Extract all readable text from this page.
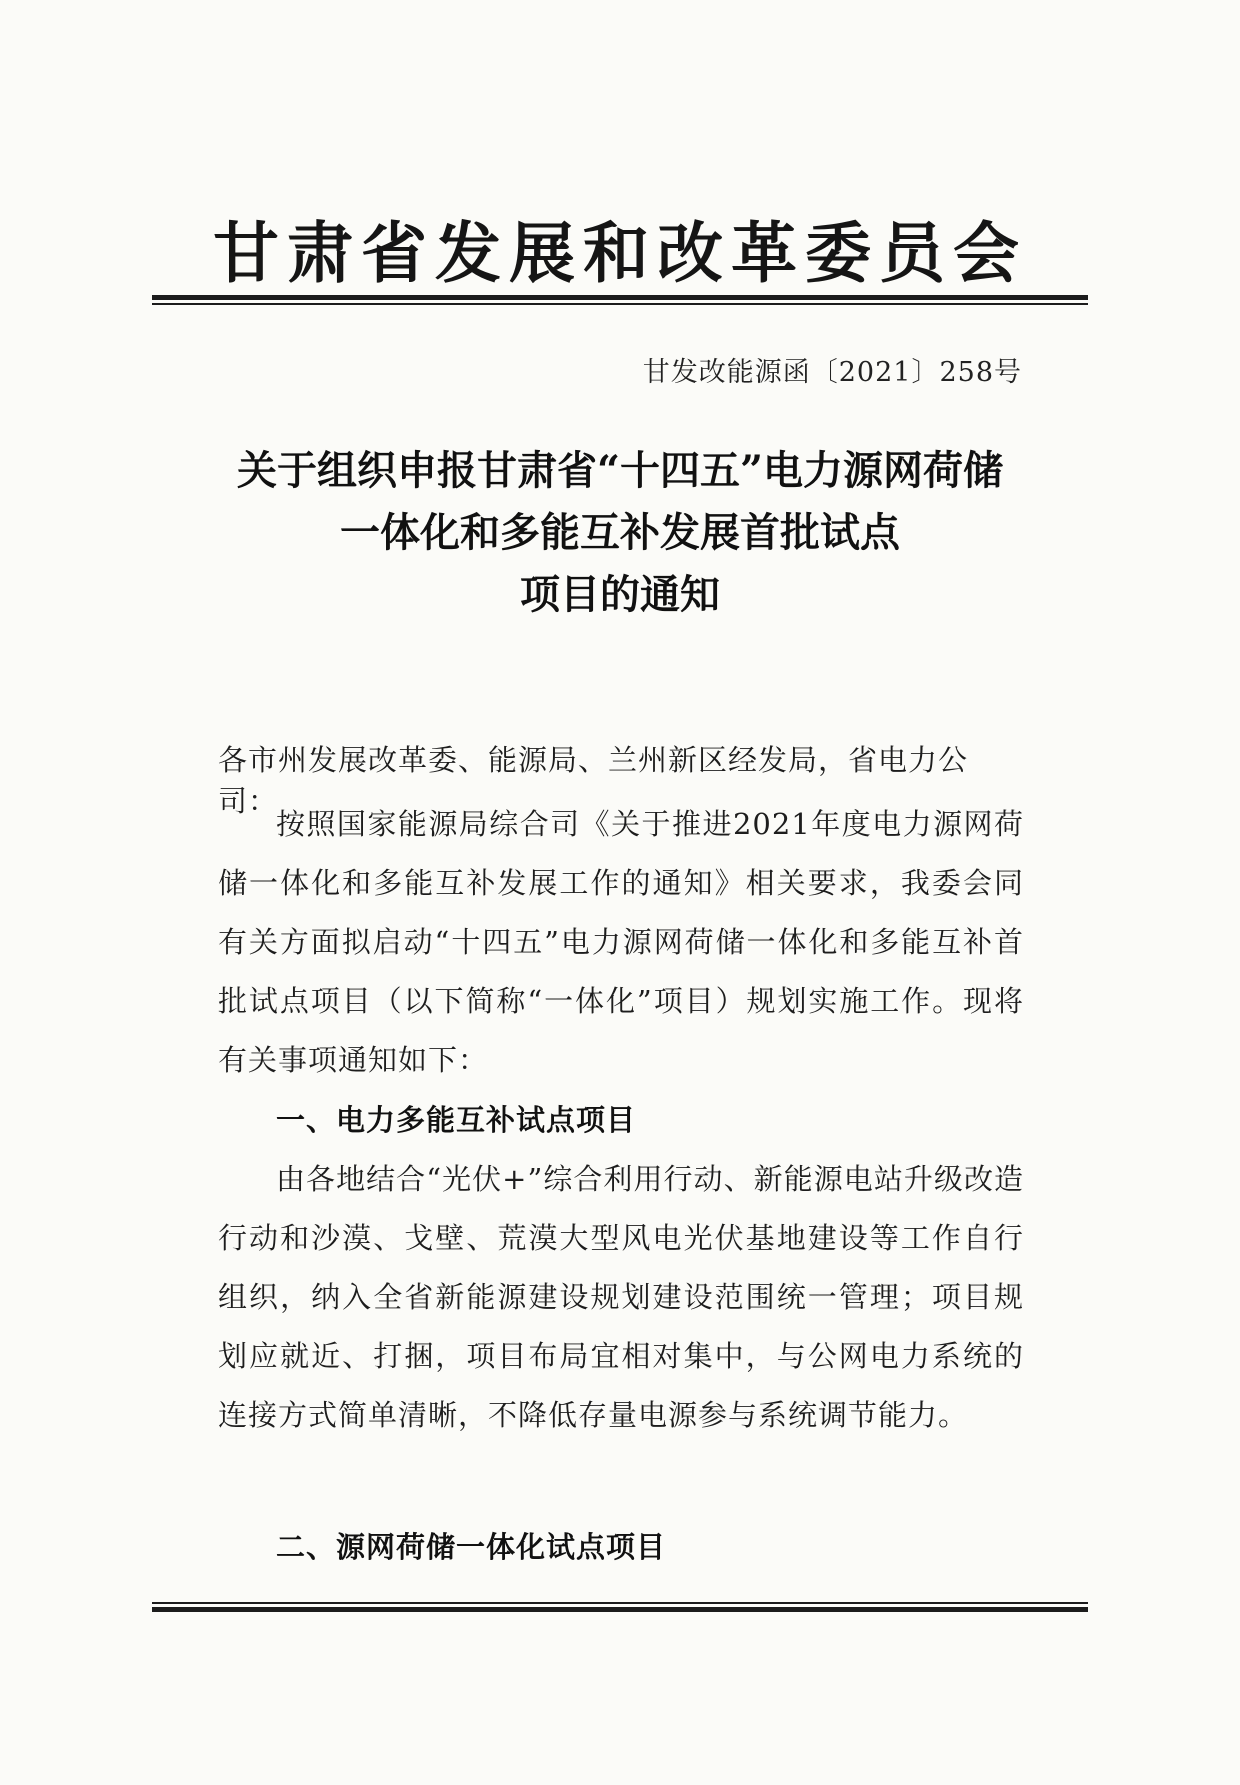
甘肃省发展和改革委员会
甘发改能源函〔2021〕258号
关于组织申报甘肃省“十四五”电力源网荷储
一体化和多能互补发展首批试点
项目的通知
各市州发展改革委、能源局、兰州新区经发局，省电力公司：
按照国家能源局综合司《关于推进2021年度电力源网荷储一体化和多能互补发展工作的通知》相关要求，我委会同有关方面拟启动“十四五”电力源网荷储一体化和多能互补首批试点项目（以下简称“一体化”项目）规划实施工作。现将有关事项通知如下：
一、电力多能互补试点项目
由各地结合“光伏+”综合利用行动、新能源电站升级改造行动和沙漠、戈壁、荒漠大型风电光伏基地建设等工作自行组织，纳入全省新能源建设规划建设范围统一管理；项目规划应就近、打捆，项目布局宜相对集中，与公网电力系统的连接方式简单清晰，不降低存量电源参与系统调节能力。
二、源网荷储一体化试点项目
